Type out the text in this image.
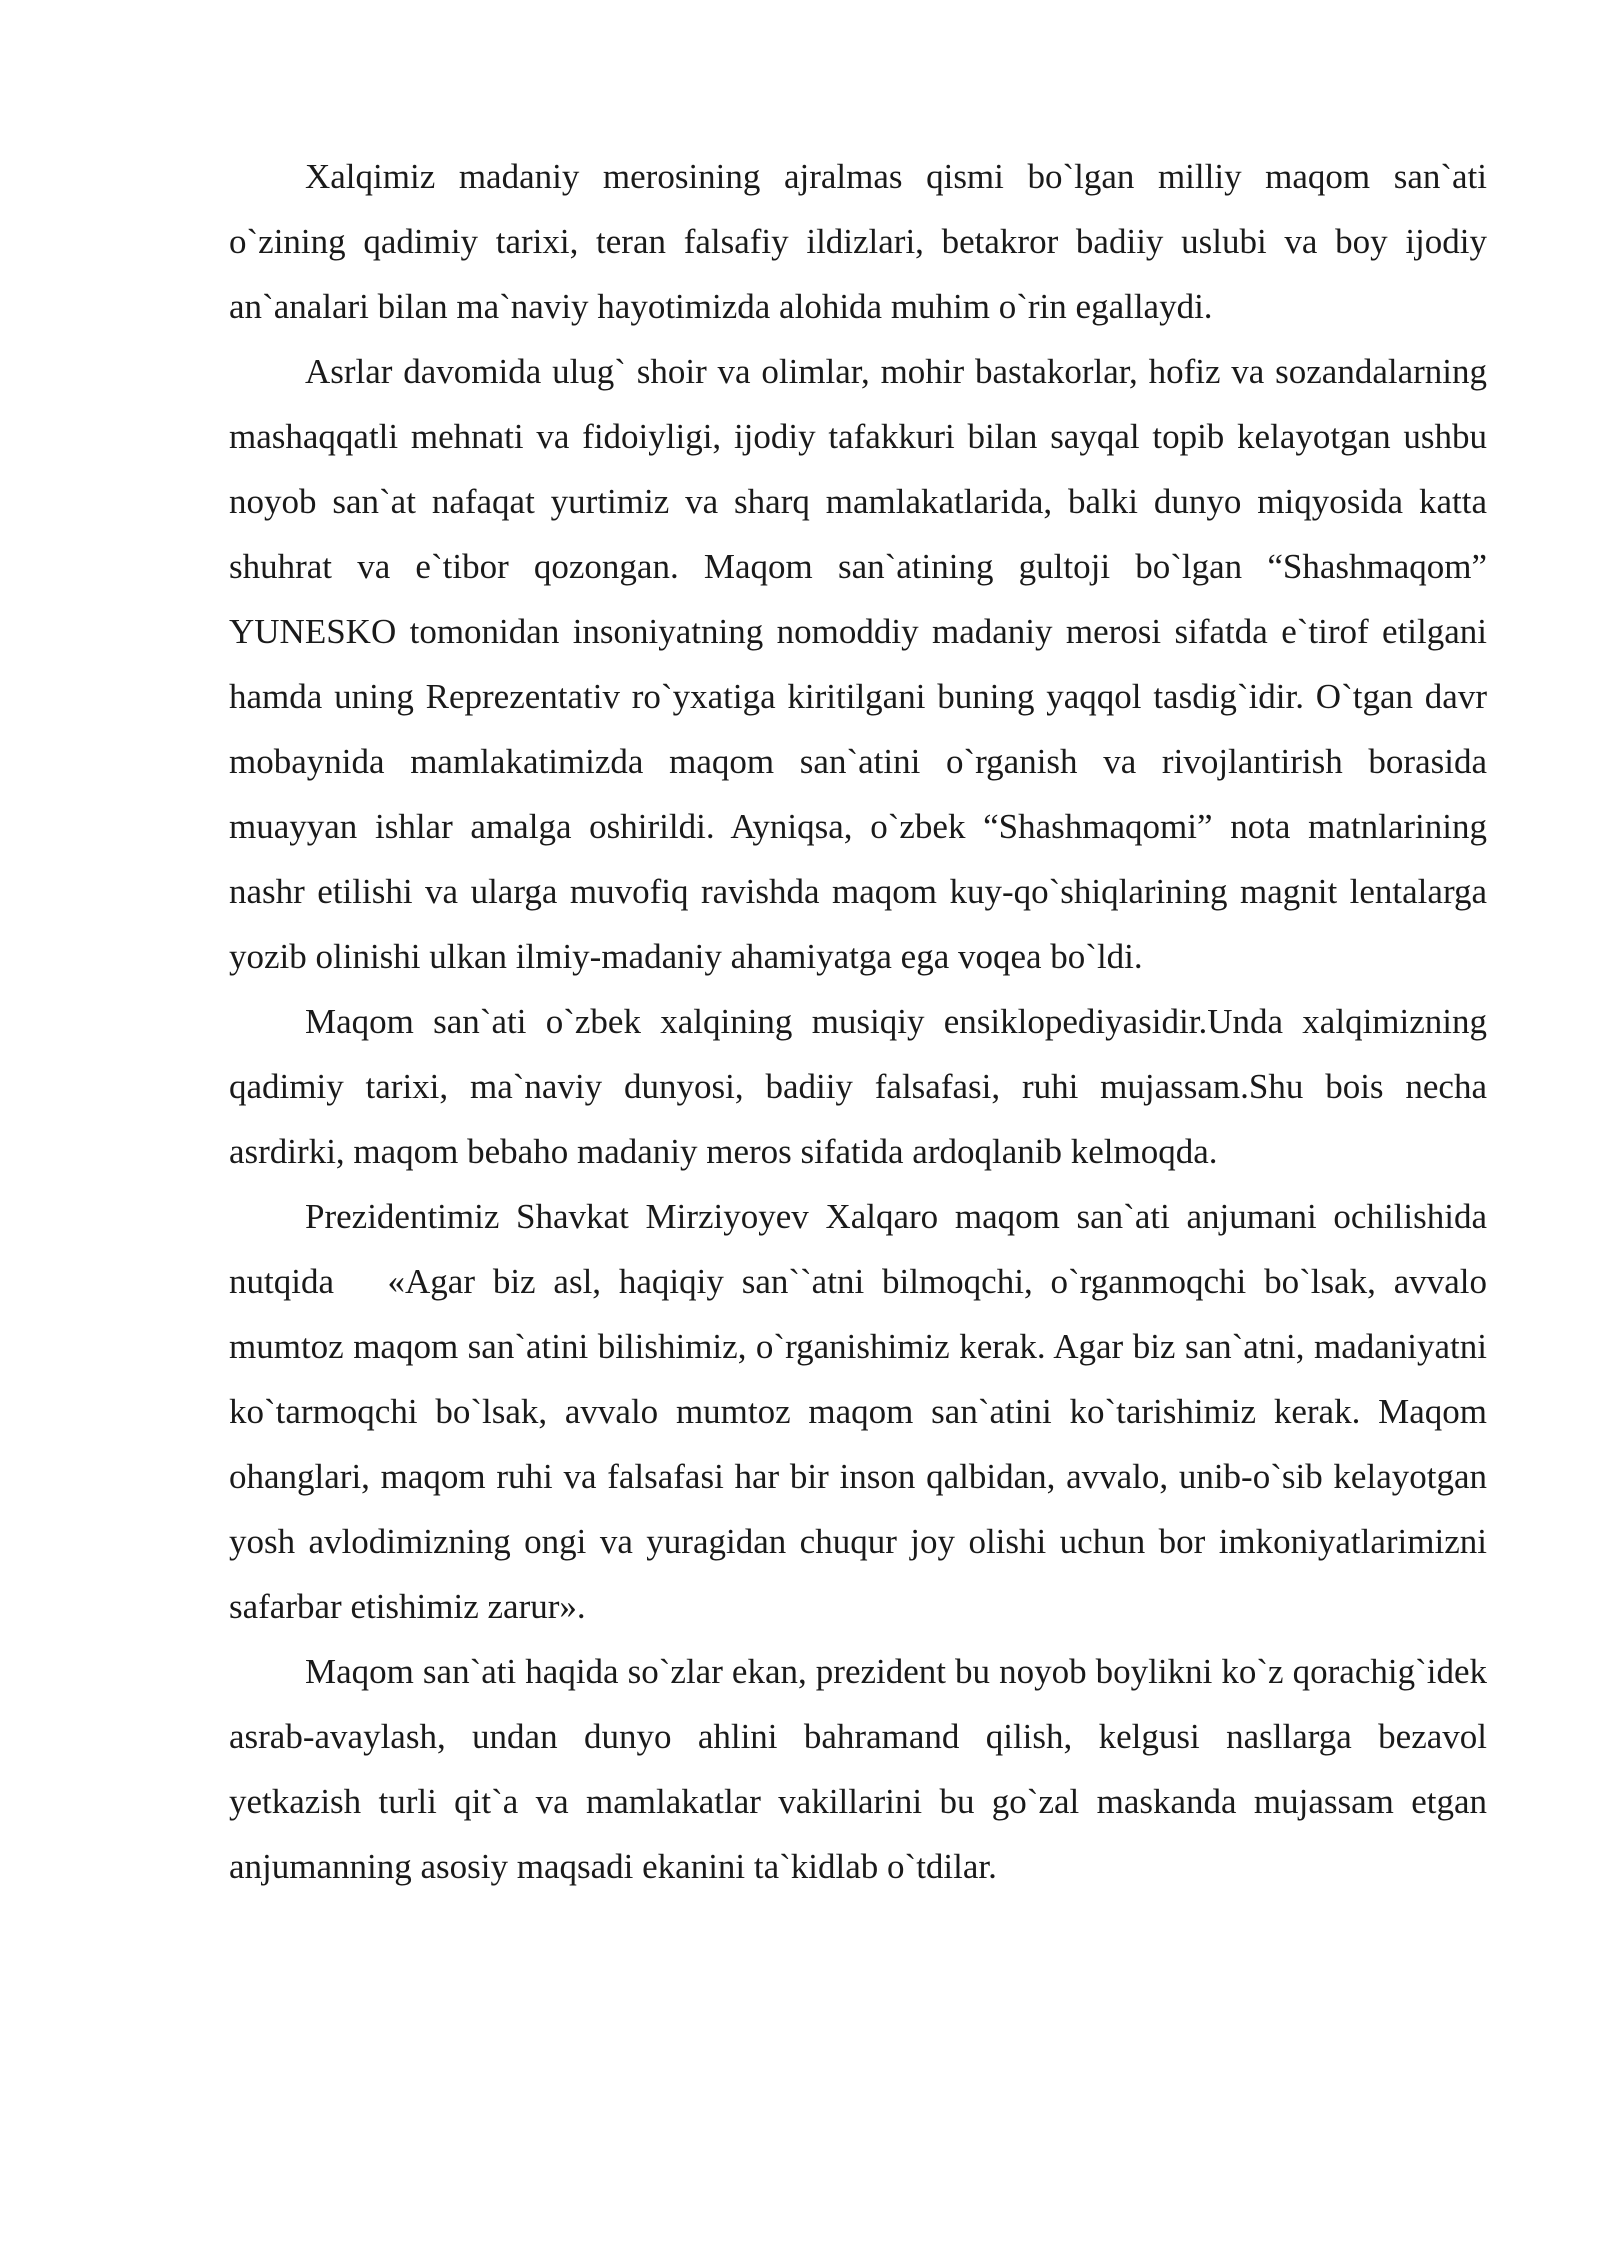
Xalqimiz madaniy merosining ajralmas qismi bo`lgan milliy maqom san`ati o`zining qadimiy tarixi, teran falsafiy ildizlari, betakror badiiy uslubi va boy ijodiy an`analari bilan ma`naviy hayotimizda alohida muhim o`rin egallaydi.

Asrlar davomida ulug` shoir va olimlar, mohir bastakorlar, hofiz va sozandalarning mashaqqatli mehnati va fidoiyligi, ijodiy tafakkuri bilan sayqal topib kelayotgan ushbu noyob san`at nafaqat yurtimiz va sharq mamlakatlarida, balki dunyo miqyosida katta shuhrat va e`tibor qozongan. Maqom san`atining gultoji bo`lgan “Shashmaqom” YUNESKO tomonidan insoniyatning nomoddiy madaniy merosi sifatda e`tirof etilgani hamda uning Reprezentativ ro`yxatiga kiritilgani buning yaqqol tasdig`idir. O`tgan davr mobaynida mamlakatimizda maqom san`atini o`rganish va rivojlantirish borasida muayyan ishlar amalga oshirildi. Ayniqsa, o`zbek “Shashmaqomi” nota matnlarining nashr etilishi va ularga muvofiq ravishda maqom kuy-qo`shiqlarining magnit lentalarga yozib olinishi ulkan ilmiy-madaniy ahamiyatga ega voqea bo`ldi.

Maqom san`ati o`zbek xalqining musiqiy ensiklopediyasidir.Unda xalqimizning qadimiy tarixi, ma`naviy dunyosi, badiiy falsafasi, ruhi mujassam.Shu bois necha asrdirki, maqom bebaho madaniy meros sifatida ardoqlanib kelmoqda.

Prezidentimiz Shavkat Mirziyoyev Xalqaro maqom san`ati anjumani ochilishida nutqida   «Agar biz asl, haqiqiy san``atni bilmoqchi, o`rganmoqchi bo`lsak, avvalo mumtoz maqom san`atini bilishimiz, o`rganishimiz kerak. Agar biz san`atni, madaniyatni ko`tarmoqchi bo`lsak, avvalo mumtoz maqom san`atini ko`tarishimiz kerak. Maqom ohanglari, maqom ruhi va falsafasi har bir inson qalbidan, avvalo, unib-o`sib kelayotgan yosh avlodimizning ongi va yuragidan chuqur joy olishi uchun bor imkoniyatlarimizni safarbar etishimiz zarur».

Maqom san`ati haqida so`zlar ekan, prezident bu noyob boylikni ko`z qorachig`idek asrab-avaylash, undan dunyo ahlini bahramand qilish, kelgusi nasllarga bezavol yetkazish turli qit`a va mamlakatlar vakillarini bu go`zal maskanda mujassam etgan anjumanning asosiy maqsadi ekanini ta`kidlab o`tdilar.
